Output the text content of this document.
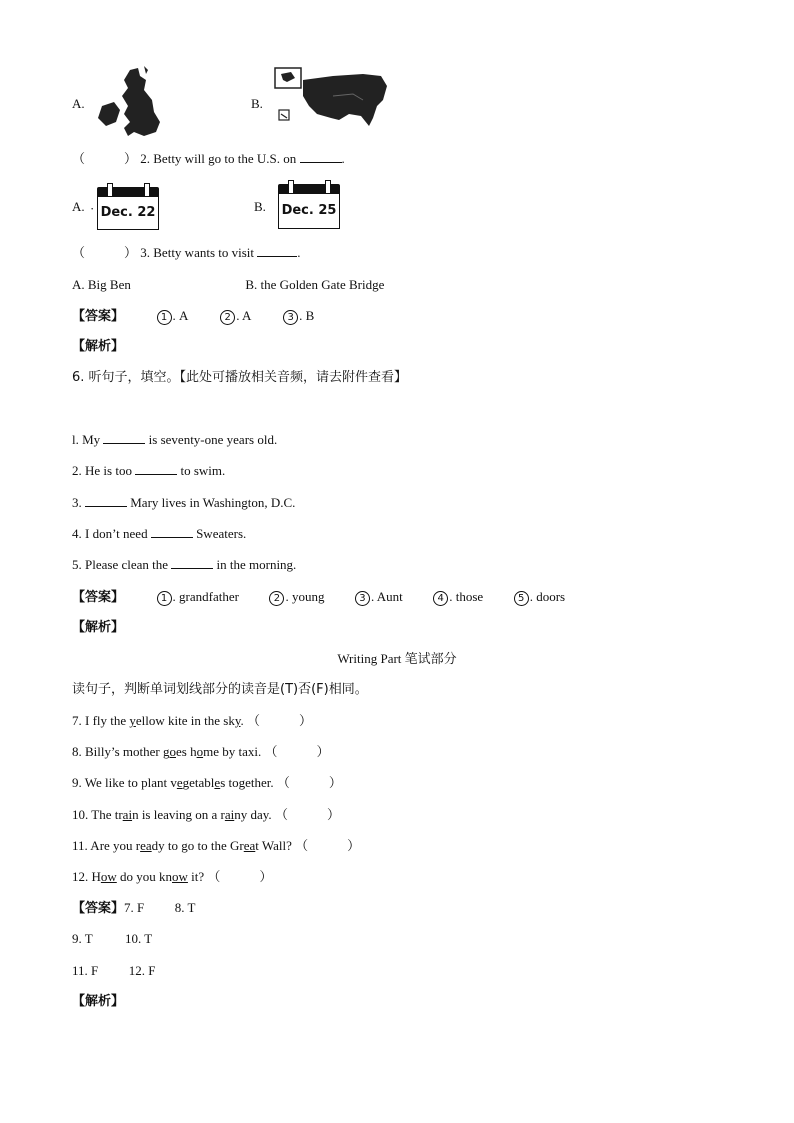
A.	B.
（　　　） 2. Betty will go to the U.S. on	.
A. · Dec. 22	B. Dec. 25
（　　　） 3. Betty wants to visit	.
A. Big Ben	B. the Golden Gate Bridge
【答案】	1 . A	2 . A	3 . B
【解析】
6. 听句子，填空。【此处可播放相关音频，请去附件查看】
l. My	is seventy-one years old.
2. He is too	to swim.
3.	Mary lives in Washington, D.C.
4. I don’t need	Sweaters.
5. Please clean the	in the morning.
【答案】	1 . grandfather	2 . young	3 . Aunt	4 . those	5 . doors
【解析】
Writing Part 笔试部分
读句子，判断单词划线部分的读音是(T)否(F)相同。
7. I fly the yellow kite in the sky. （　　　）
8. Billy’s mother goes home by taxi. （　　　）
9. We like to plant vegetables together. （　　　）
10. The train is leaving on a rainy day. （　　　）
11. Are you ready to go to the Great Wall? （　　　）
12. How do you know it? （　　　）
【答案】7. F 8. T
9. T	10. T
11. F 12. F
【解析】
